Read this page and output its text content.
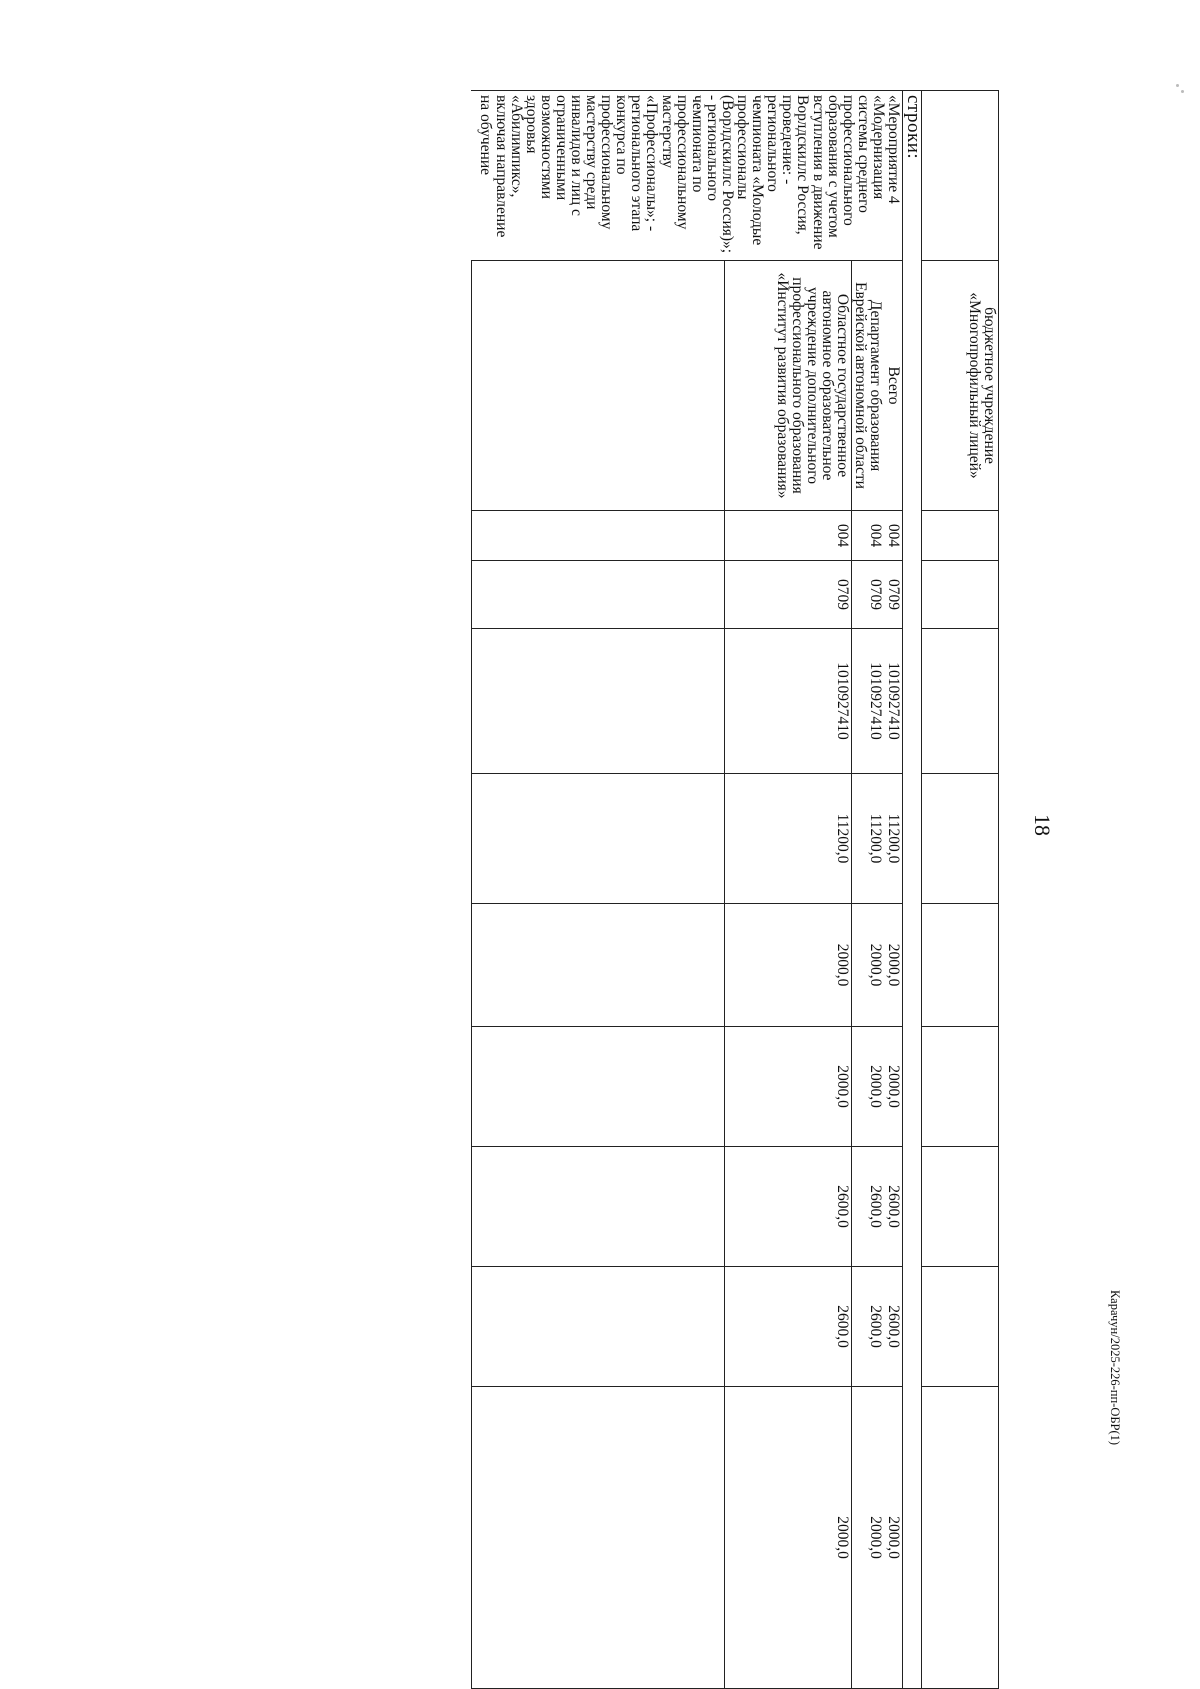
18
Карачун/2025-226-пп-ОБР(1)
	бюджетное учреждение «Многопрофильный лицей»									
строки:										
«Мероприятие 4 «Модернизация системы среднего профессионального образования с учетом вступления в движение Ворлдскиллс Россия, проведение: - регионального чемпионата «Молодые профессионалы (Ворлдскиллс Россия)»; - регионального чемпионата по профессиональному мастерству «Профессионалы»; - регионального этапа конкурса по профессиональному мастерству среди инвалидов и лиц с ограниченными возможностями здоровья «Абилимпикс», включая направление на обучение	Всего	004	0709	1010927410	11200,0	2000,0	2000,0	2600,0	2600,0	2000,0
	Департамент образования Еврейской автономной области	004	0709	1010927410	11200,0	2000,0	2000,0	2600,0	2600,0	2000,0
	Областное государственное автономное образовательное учреждение дополнительного профессионального образования «Институт развития образования»	004	0709	1010927410	11200,0	2000,0	2000,0	2600,0	2600,0	2000,0
